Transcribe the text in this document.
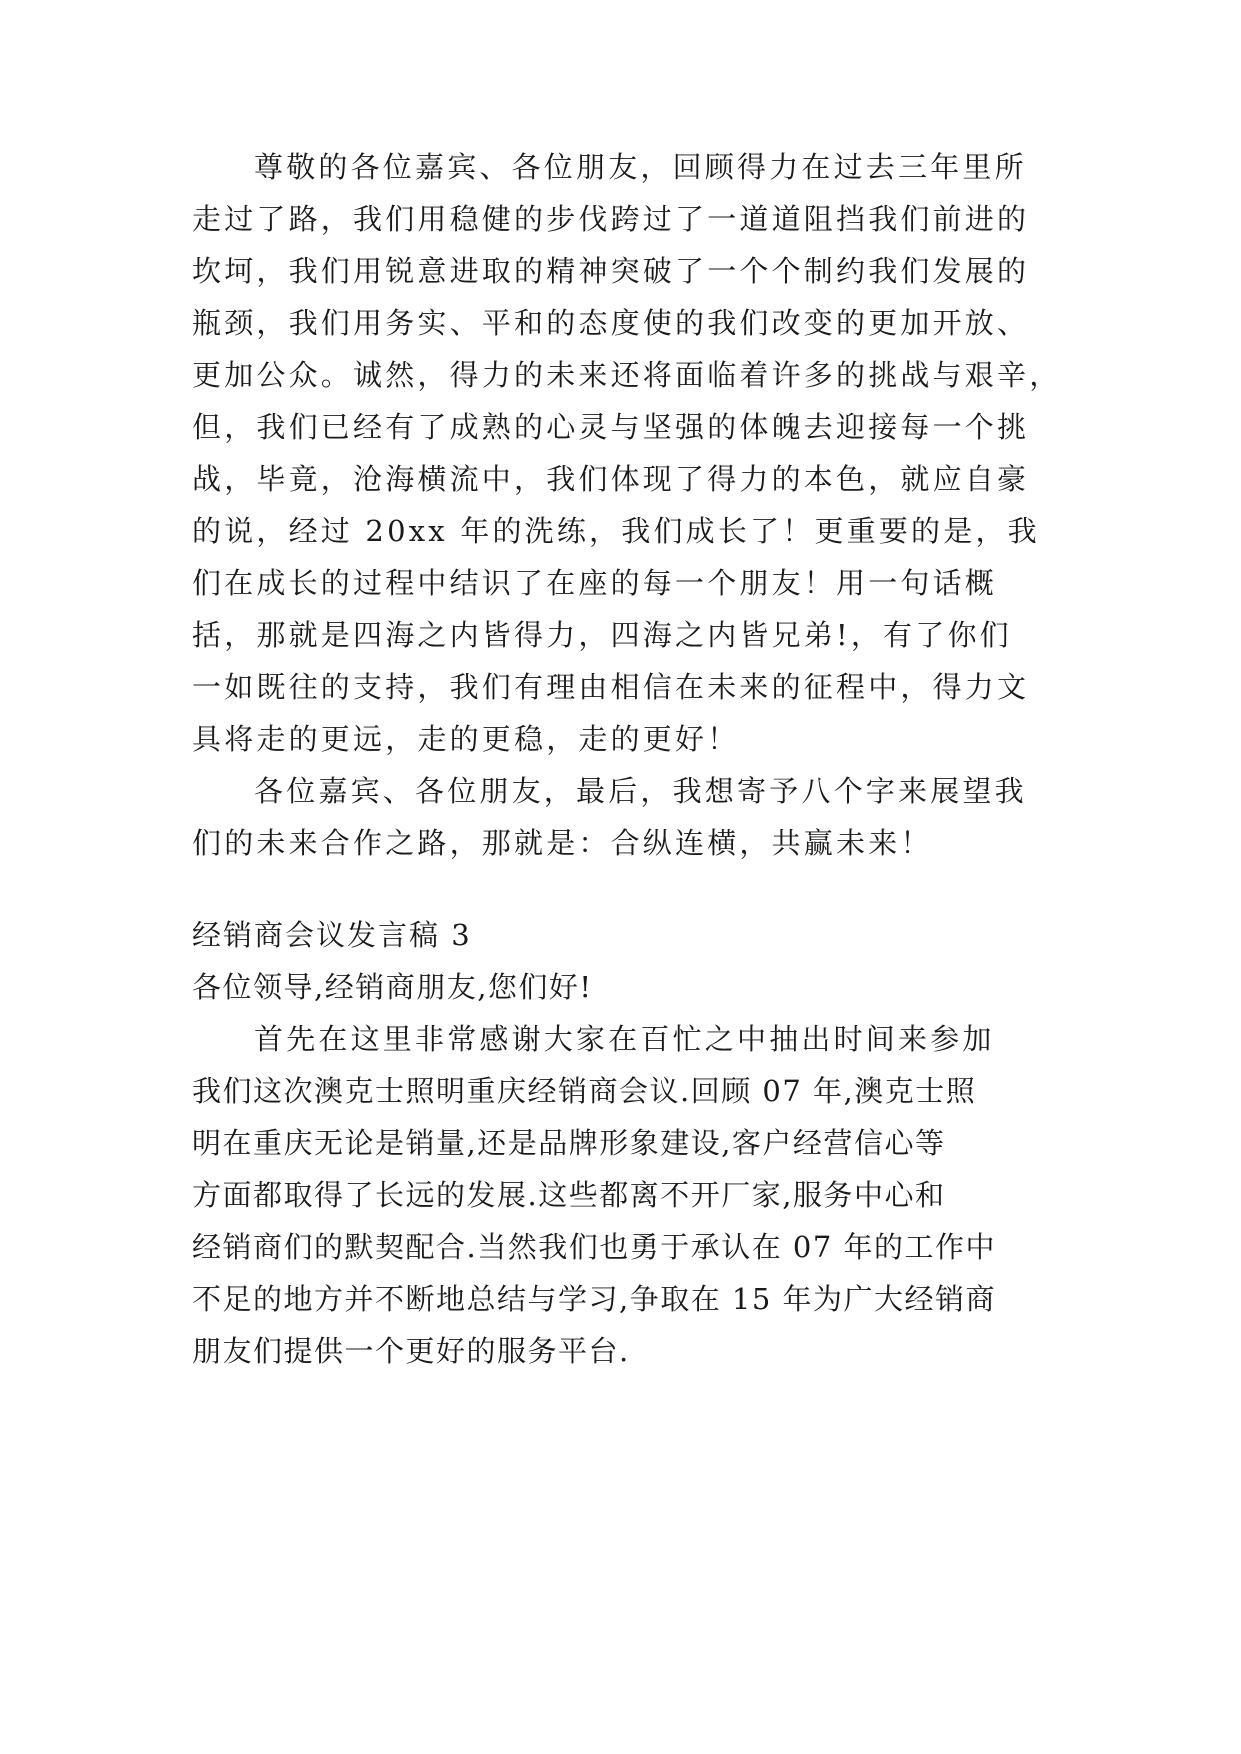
尊敬的各位嘉宾、各位朋友，回顾得力在过去三年里所
走过了路，我们用稳健的步伐跨过了一道道阻挡我们前进的
坎坷，我们用锐意进取的精神突破了一个个制约我们发展的
瓶颈，我们用务实、平和的态度使的我们改变的更加开放、
更加公众。诚然，得力的未来还将面临着许多的挑战与艰辛，
但，我们已经有了成熟的心灵与坚强的体魄去迎接每一个挑
战，毕竟，沧海横流中，我们体现了得力的本色，就应自豪
的说，经过 20xx 年的洗练，我们成长了！更重要的是，我
们在成长的过程中结识了在座的每一个朋友！用一句话概
括，那就是四海之内皆得力，四海之内皆兄弟!，有了你们
一如既往的支持，我们有理由相信在未来的征程中，得力文
具将走的更远，走的更稳，走的更好！
各位嘉宾、各位朋友，最后，我想寄予八个字来展望我
们的未来合作之路，那就是：合纵连横，共赢未来！
经销商会议发言稿 3
各位领导,经销商朋友,您们好!
首先在这里非常感谢大家在百忙之中抽出时间来参加
我们这次澳克士照明重庆经销商会议.回顾 07 年,澳克士照
明在重庆无论是销量,还是品牌形象建设,客户经营信心等
方面都取得了长远的发展.这些都离不开厂家,服务中心和
经销商们的默契配合.当然我们也勇于承认在 07 年的工作中
不足的地方并不断地总结与学习,争取在 15 年为广大经销商
朋友们提供一个更好的服务平台.
